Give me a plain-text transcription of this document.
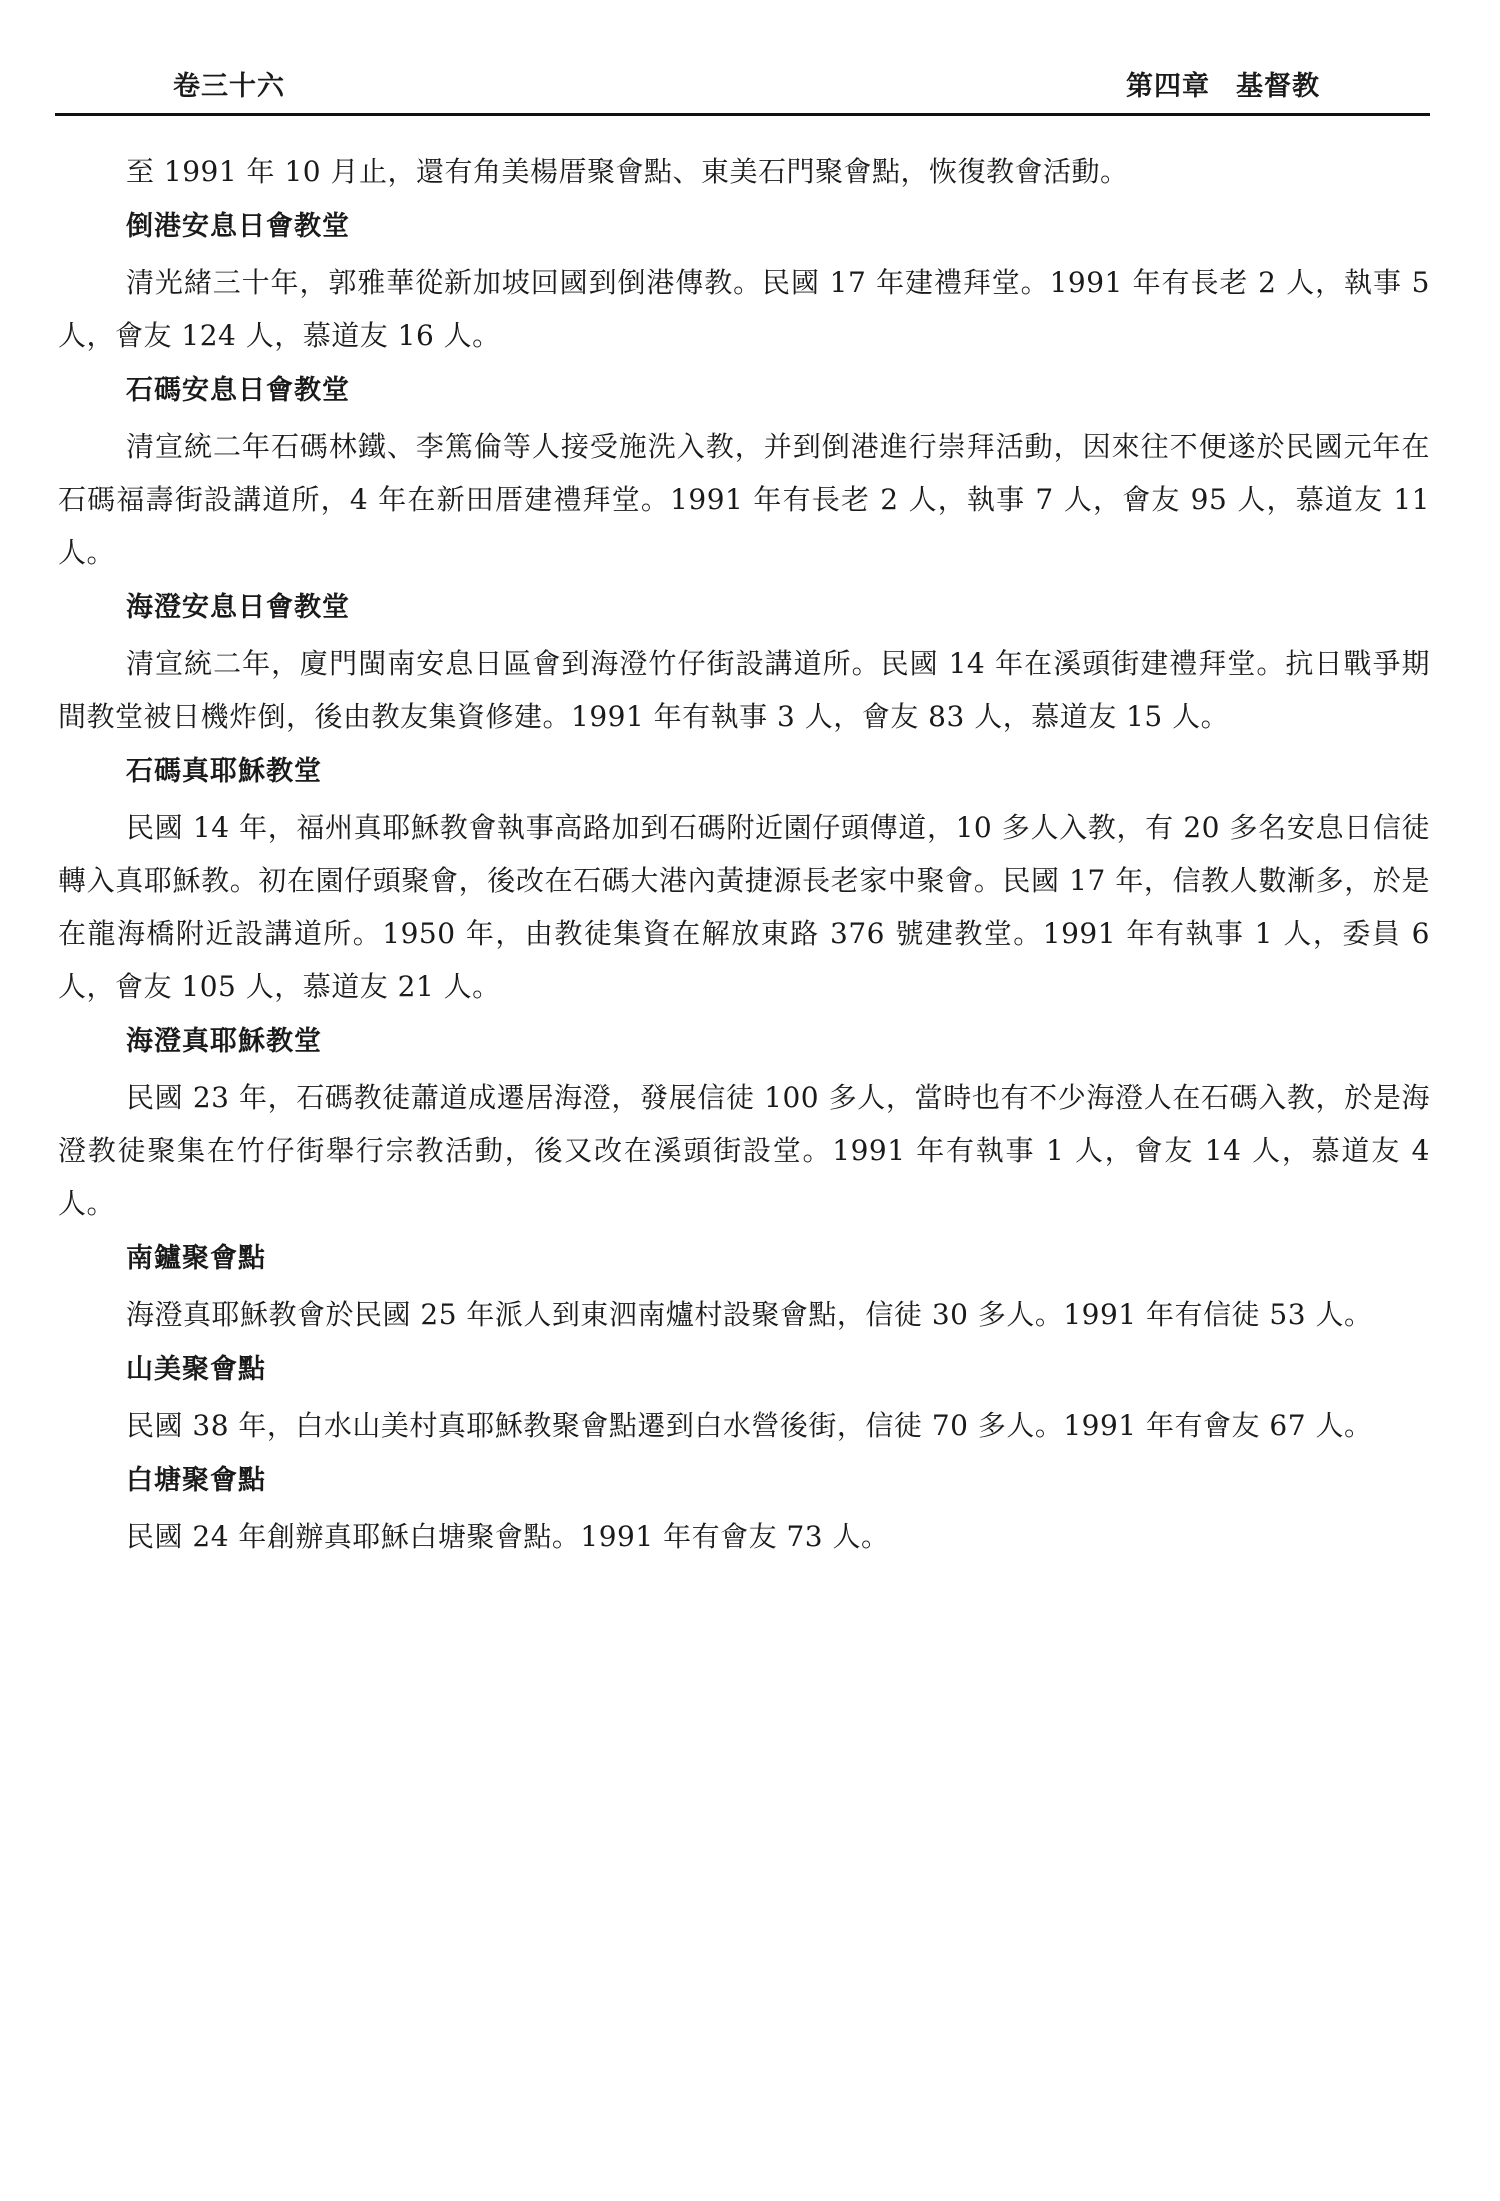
卷三十六	第四章 基督教

至 1991 年 10 月止，還有角美楊厝聚會點、東美石門聚會點，恢復教會活動。

倒港安息日會教堂

清光緒三十年，郭雅華從新加坡回國到倒港傳教。民國 17 年建禮拜堂。1991 年有長老 2 人，執事 5 人，會友 124 人，慕道友 16 人。

石碼安息日會教堂

清宣統二年石碼林鐵、李篤倫等人接受施洗入教，并到倒港進行崇拜活動，因來往不便遂於民國元年在石碼福壽街設講道所，4 年在新田厝建禮拜堂。1991 年有長老 2 人，執事 7 人，會友 95 人，慕道友 11 人。

海澄安息日會教堂

清宣統二年，廈門閩南安息日區會到海澄竹仔街設講道所。民國 14 年在溪頭街建禮拜堂。抗日戰爭期間教堂被日機炸倒，後由教友集資修建。1991 年有執事 3 人，會友 83 人，慕道友 15 人。

石碼真耶穌教堂

民國 14 年，福州真耶穌教會執事高路加到石碼附近園仔頭傳道，10 多人入教，有 20 多名安息日信徒轉入真耶穌教。初在園仔頭聚會，後改在石碼大港內黃捷源長老家中聚會。民國 17 年，信教人數漸多，於是在龍海橋附近設講道所。1950 年，由教徒集資在解放東路 376 號建教堂。1991 年有執事 1 人，委員 6 人，會友 105 人，慕道友 21 人。

海澄真耶穌教堂

民國 23 年，石碼教徒蕭道成遷居海澄，發展信徒 100 多人，當時也有不少海澄人在石碼入教，於是海澄教徒聚集在竹仔街舉行宗教活動，後又改在溪頭街設堂。1991 年有執事 1 人，會友 14 人，慕道友 4 人。

南鑪聚會點

海澄真耶穌教會於民國 25 年派人到東泗南爐村設聚會點，信徒 30 多人。1991 年有信徒 53 人。

山美聚會點

民國 38 年，白水山美村真耶穌教聚會點遷到白水營後街，信徒 70 多人。1991 年有會友 67 人。

白塘聚會點

民國 24 年創辦真耶穌白塘聚會點。1991 年有會友 73 人。
